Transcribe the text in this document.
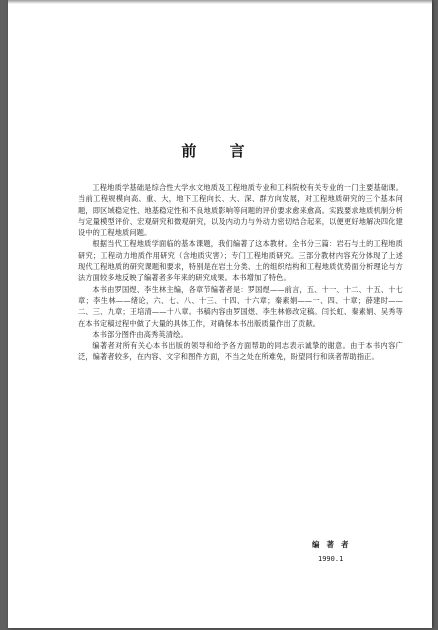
前 言

工程地质学基础是综合性大学水文地质及工程地质专业和工科院校有关专业的一门主要基础课。当前工程规模向高、重、大，地下工程向长、大、深、群方向发展，对工程地质研究的三个基本问题，即区域稳定性、地基稳定性和不良地质影响等问题的评价要求愈来愈高。实践要求地质机制分析与定量模型评价、宏观研究和微观研究，以及内动力与外动力密切结合起来，以便更好地解决四化建设中的工程地质问题。

根据当代工程地质学面临的基本课题，我们编著了这本教材。全书分三篇：岩石与土的工程地质研究；工程动力地质作用研究（含地质灾害）；专门工程地质研究。三部分教材内容充分体现了上述现代工程地质的研究课题和要求，特别是在岩土分类、土的组织结构和工程地质优势面分析理论与方法方面较多地反映了编著者多年来的研究成果。本书增加了特色。

本书由罗国煜、李生林主编，各章节编著者是：罗国煜——前言，五、十一、十二、十五、十七章；李生林——绪论，六、七、八、十三、十四、十六章；秦素娟——一、四、十章；薛建时——二、三、九章；王培清——十八章。书稿内容由罗国煜、李生林修改定稿。闫长虹、秦素娟、吴秀等在本书定稿过程中做了大量的具体工作，对确保本书出版质量作出了贡献。

本书部分图件由高秀英清绘。

编著者对所有关心本书出版的领导和给予各方面帮助的同志表示诚挚的谢意。由于本书内容广泛，编著者较多，在内容、文字和图件方面，不当之处在所难免，盼望同行和读者帮助指正。

编著者
1990.1
